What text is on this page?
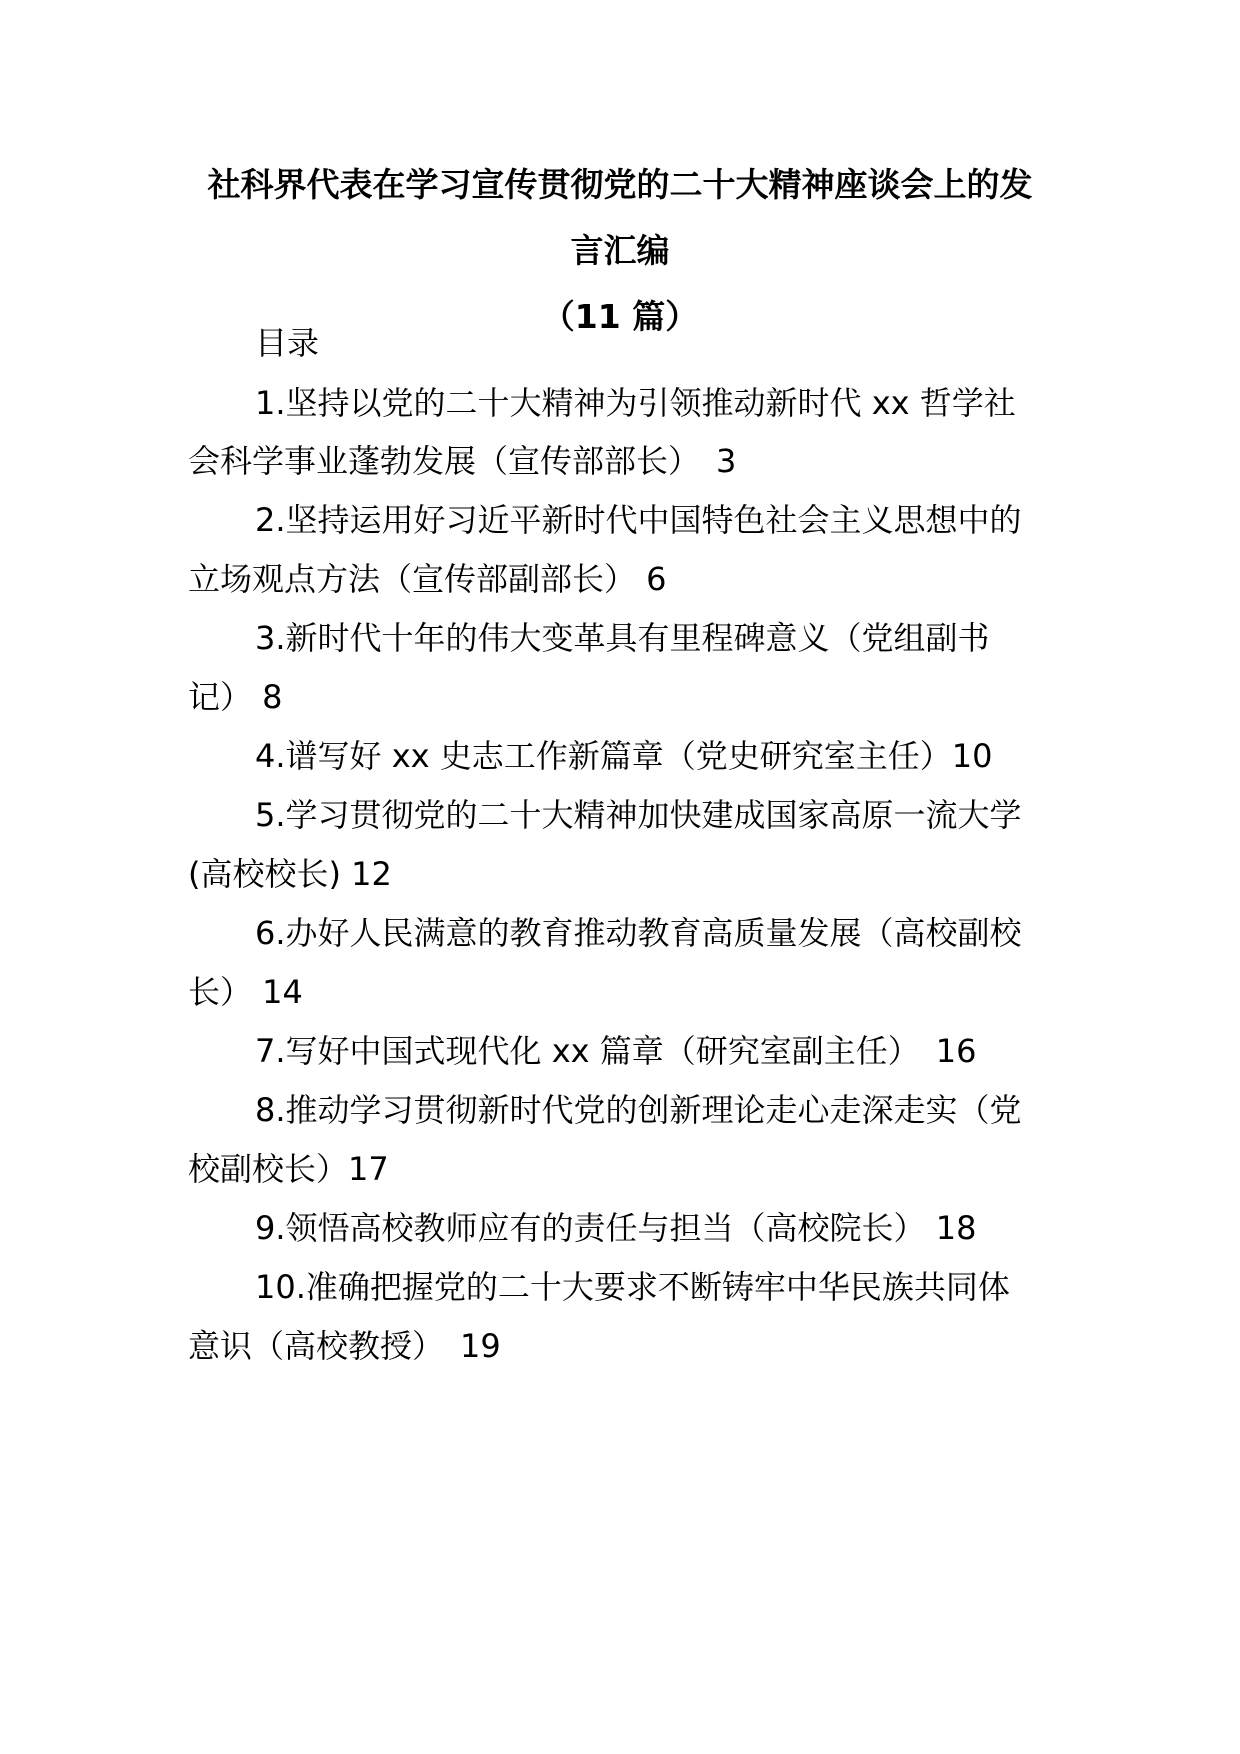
社科界代表在学习宣传贯彻党的二十大精神座谈会上的发
言汇编
（11 篇）
目录
1.坚持以党的二十大精神为引领推动新时代 xx 哲学社
会科学事业蓬勃发展（宣传部部长）　3
2.坚持运用好习近平新时代中国特色社会主义思想中的
立场观点方法（宣传部副部长） 6
3.新时代十年的伟大变革具有里程碑意义（党组副书
记） 8
4.谱写好 xx 史志工作新篇章（党史研究室主任）10
5.学习贯彻党的二十大精神加快建成国家高原一流大学
(高校校长) 12
6.办好人民满意的教育推动教育高质量发展（高校副校
长） 14
7.写好中国式现代化 xx 篇章（研究室副主任）　16
8.推动学习贯彻新时代党的创新理论走心走深走实（党
校副校长）17
9.领悟高校教师应有的责任与担当（高校院长） 18
10.准确把握党的二十大要求不断铸牢中华民族共同体
意识（高校教授）　19
